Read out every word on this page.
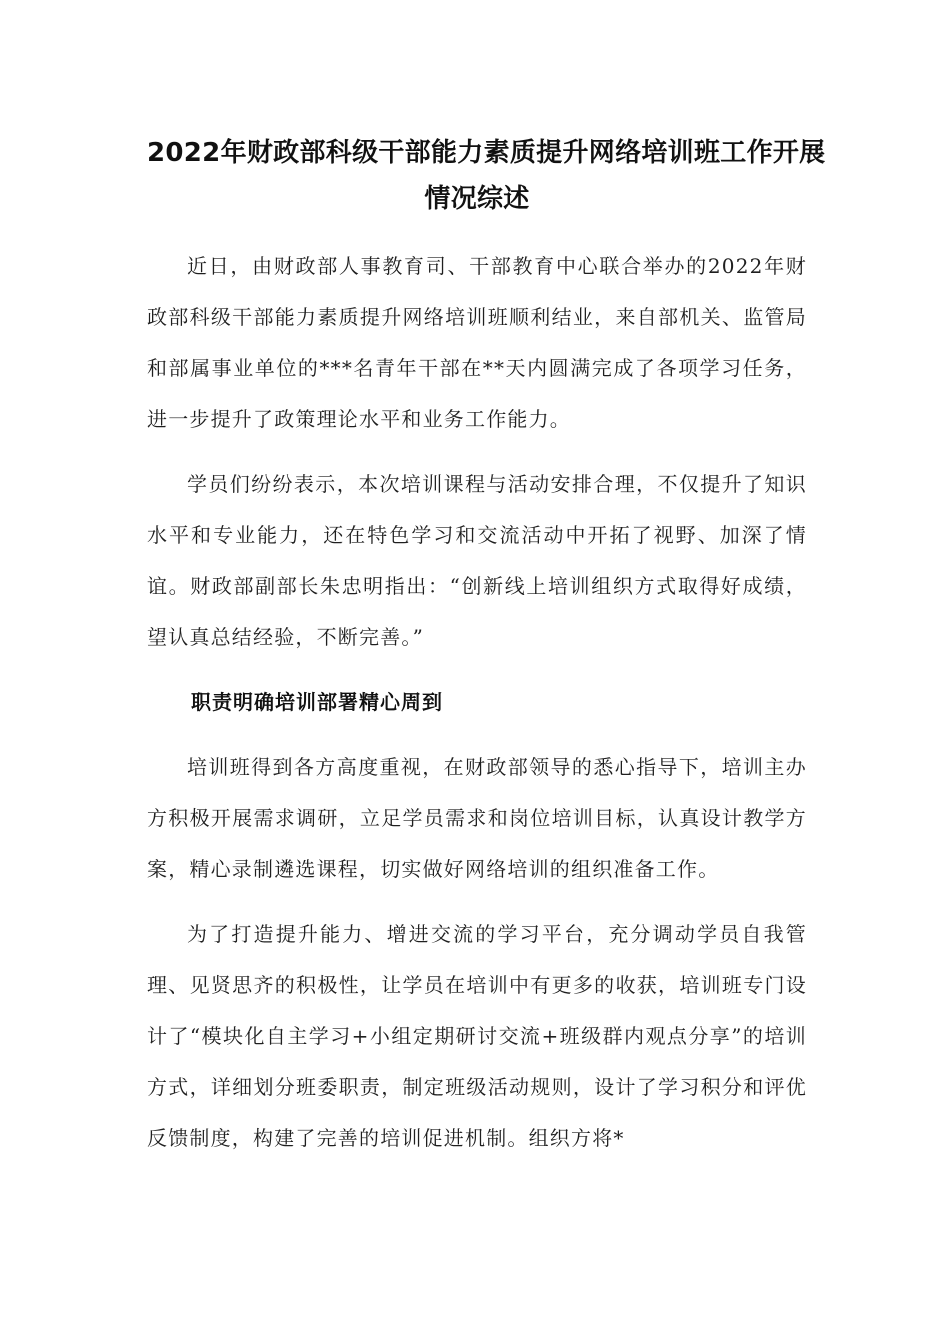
2022年财政部科级干部能力素质提升网络培训班工作开展
情况综述

近日，由财政部人事教育司、干部教育中心联合举办的2022年财政部科级干部能力素质提升网络培训班顺利结业，来自部机关、监管局和部属事业单位的***名青年干部在**天内圆满完成了各项学习任务，进一步提升了政策理论水平和业务工作能力。

学员们纷纷表示，本次培训课程与活动安排合理，不仅提升了知识水平和专业能力，还在特色学习和交流活动中开拓了视野、加深了情谊。财政部副部长朱忠明指出：“创新线上培训组织方式取得好成绩，望认真总结经验，不断完善。”

职责明确培训部署精心周到

培训班得到各方高度重视，在财政部领导的悉心指导下，培训主办方积极开展需求调研，立足学员需求和岗位培训目标，认真设计教学方案，精心录制遴选课程，切实做好网络培训的组织准备工作。

为了打造提升能力、增进交流的学习平台，充分调动学员自我管理、见贤思齐的积极性，让学员在培训中有更多的收获，培训班专门设计了“模块化自主学习+小组定期研讨交流+班级群内观点分享”的培训方式，详细划分班委职责，制定班级活动规则，设计了学习积分和评优反馈制度，构建了完善的培训促进机制。组织方将*
